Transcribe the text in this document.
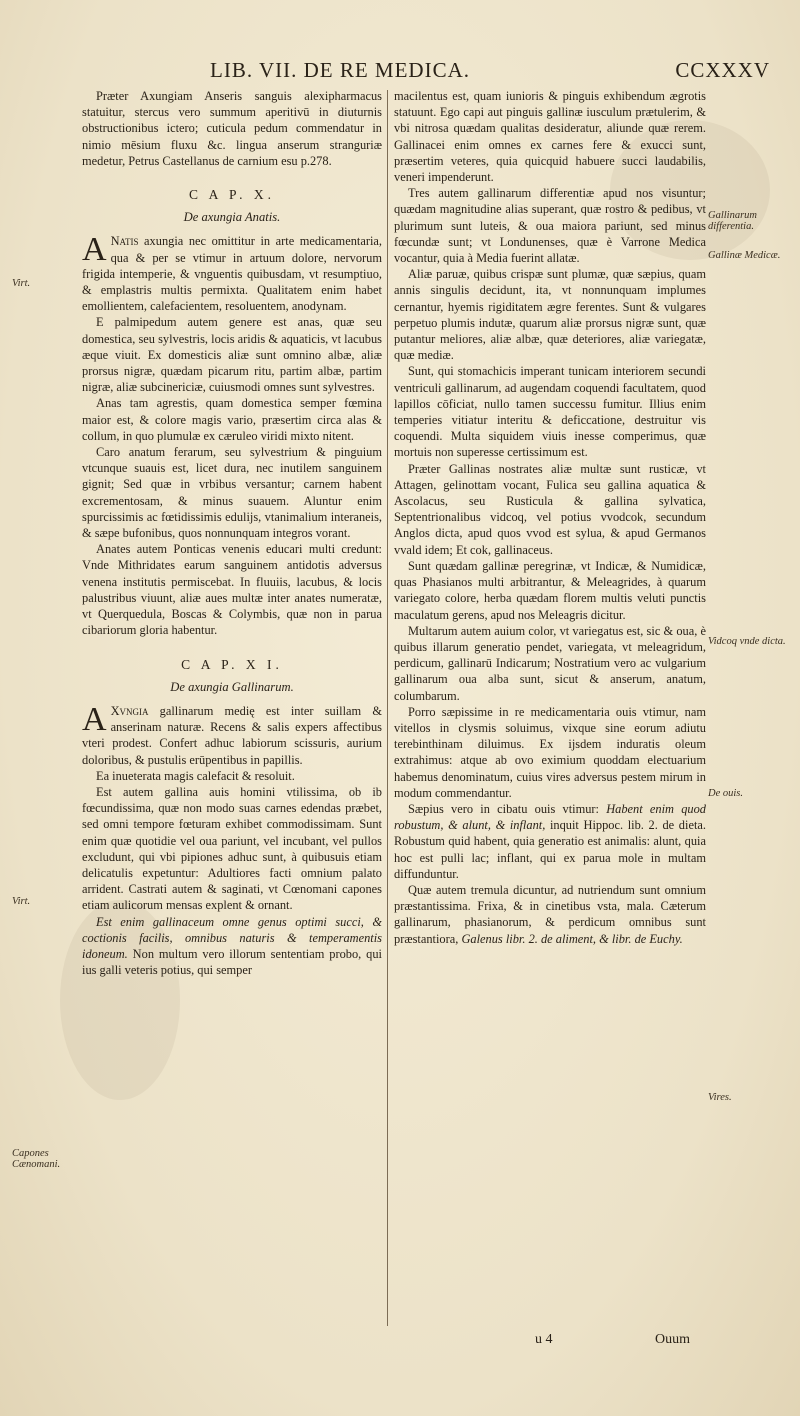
LIB. VII. DE RE MEDICA.	CCXXXV

Præter Axungiam Anseris sanguis alexipharmacus statuitur, stercus vero summum aperitivū in diuturnis obstructionibus ictero; cuticula pedum commendatur in nimio mēsium fluxu &c. lingua anserum stranguriæ medetur, Petrus Castellanus de carnium esu p.278.

C A P. X.
De axungia Anatis.

A Natis axungia nec omittitur in arte medicamentaria, qua & per se vtimur in artuum dolore, nervorum frigida intemperie, & vnguentis quibusdam, vt resumptiuo, & emplastris multis permixta. Qualitatem enim habet emollientem, calefacientem, resoluentem, anodynam.

E palmipedum autem genere est anas, quæ seu domestica, seu sylvestris, locis aridis & aquaticis, vt lacubus æque viuit. Ex domesticis aliæ sunt omnino albæ, aliæ prorsus nigræ, quædam picarum ritu, partim albæ, partim nigræ, aliæ subcinericiæ, cuiusmodi omnes sunt sylvestres.

Anas tam agrestis, quam domestica semper fœmina maior est, & colore magis vario, præsertim circa alas & collum, in quo plumulæ ex cæruleo viridi mixto nitent.

Caro anatum ferarum, seu sylvestrium & pinguium vtcunque suauis est, licet dura, nec inutilem sanguinem gignit; Sed quæ in vrbibus versantur; carnem habent excrementosam, & minus suauem. Aluntur enim spurcissimis ac fœtidissimis edulijs, vtanimalium interaneis, & sæpe bufonibus, quos nonnunquam integros vorant.

Anates autem Ponticas venenis educari multi credunt: Vnde Mithridates earum sanguinem antidotis adversus venena institutis permiscebat. In fluuiis, lacubus, & locis palustribus viuunt, aliæ aues multæ inter anates numeratæ, vt Querquedula, Boscas & Colymbis, quæ non in parua cibariorum gloria habentur.

C A P. X I.
De axungia Gallinarum.

A Xvngia gallinarum medię est inter suillam & anserinam naturæ. Recens & salis expers affectibus vteri prodest. Confert adhuc labiorum scissuris, aurium doloribus, & pustulis erūpentibus in papillis.

Ea inueterata magis calefacit & resoluit.

Est autem gallina auis homini vtilissima, ob ib fœcundissima, quæ non modo suas carnes edendas præbet, sed omni tempore fœturam exhibet commodissimam. Sunt enim quæ quotidie vel oua pariunt, vel incubant, vel pullos excludunt, qui vbi pipiones adhuc sunt, à quibusuis etiam delicatulis expetuntur: Adultiores facti omnium palato arrident. Castrati autem & saginati, vt Cœnomani capones etiam aulicorum mensas explent & ornant.

Est enim gallinaceum omne genus optimi succi, & coctionis facilis, omnibus naturis & temperamentis idoneum. Non multum vero illorum sententiam probo, qui ius galli veteris potius, qui semper

macilentus est, quam iunioris & pinguis exhibendum ægrotis statuunt. Ego capi aut pinguis gallinæ iusculum prætulerim, & vbi nitrosa quædam qualitas desideratur, aliunde quæ rerem. Gallinacei enim omnes ex carnes fere & exucci sunt, præsertim veteres, quia quicquid habuere succi laudabilis, veneri impenderunt.

Tres autem gallinarum differentiæ apud nos visuntur; quædam magnitudine alias superant, quæ rostro & pedibus, vt plurimum sunt luteis, & oua maiora pariunt, sed minus fœcundæ sunt; vt Londunenses, quæ è Varrone Medica vocantur, quia à Media fuerint allatæ.

Aliæ paruæ, quibus crispæ sunt plumæ, quæ sæpius, quam annis singulis decidunt, ita, vt nonnunquam implumes cernantur, hyemis rigiditatem ægre ferentes. Sunt & vulgares perpetuo plumis indutæ, quarum aliæ prorsus nigræ sunt, quæ putantur meliores, aliæ albæ, quæ deteriores, aliæ variegatæ, quæ mediæ.

Sunt, qui stomachicis imperant tunicam interiorem secundi ventriculi gallinarum, ad augendam coquendi facultatem, quod lapillos cōficiat, nullo tamen successu fumitur. Illius enim temperies vitiatur interitu & deficcatione, destruitur vis coquendi. Multa siquidem viuis inesse comperimus, quæ mortuis non superesse certissimum est.

Præter Gallinas nostrates aliæ multæ sunt rusticæ, vt Attagen, gelinottam vocant, Fulica seu gallina aquatica & Ascolacus, seu Rusticula & gallina sylvatica, Septentrionalibus vidcoq, vel potius vvodcok, secundum Anglos dicta, apud quos vvod est sylua, & apud Germanos vvald idem; Et cok, gallinaceus.

Sunt quædam gallinæ peregrinæ, vt Indicæ, & Numidicæ, quas Phasianos multi arbitrantur, & Meleagrides, à quarum variegato colore, herba quædam florem multis veluti punctis maculatum gerens, apud nos Meleagris dicitur.

Multarum autem auium color, vt variegatus est, sic & oua, è quibus illarum generatio pendet, variegata, vt meleagridum, perdicum, gallinarū Indicarum; Nostratium vero ac vulgarium gallinarum oua alba sunt, sicut & anserum, anatum, columbarum.

Porro sæpissime in re medicamentaria ouis vtimur, nam vitellos in clysmis soluimus, vixque sine eorum adiutu terebinthinam diluimus. Ex ijsdem induratis oleum extrahimus: atque ab ovo eximium quoddam electuarium habemus denominatum, cuius vires adversus pestem mirum in modum commendantur.

Sæpius vero in cibatu ouis vtimur: Habent enim quod robustum, & alunt, & inflant, inquit Hippoc. lib. 2. de dieta. Robustum quid habent, quia generatio est animalis: alunt, quia hoc est pulli lac; inflant, qui ex parua mole in multam diffunduntur.

Quæ autem tremula dicuntur, ad nutriendum sunt omnium præstantissima. Frixa, & in cinetibus vsta, mala. Cæterum gallinarum, phasianorum, & perdicum omnibus sunt præstantiora, Galenus libr. 2. de aliment, & libr. de Euchy.

Virt.
Virt.
Capones Cænomani.
Gallinarum differentia.
Gallinæ Medicæ.
Vidcoq vnde dicta.
De ouis.
Vires.
u 4	Ouum
